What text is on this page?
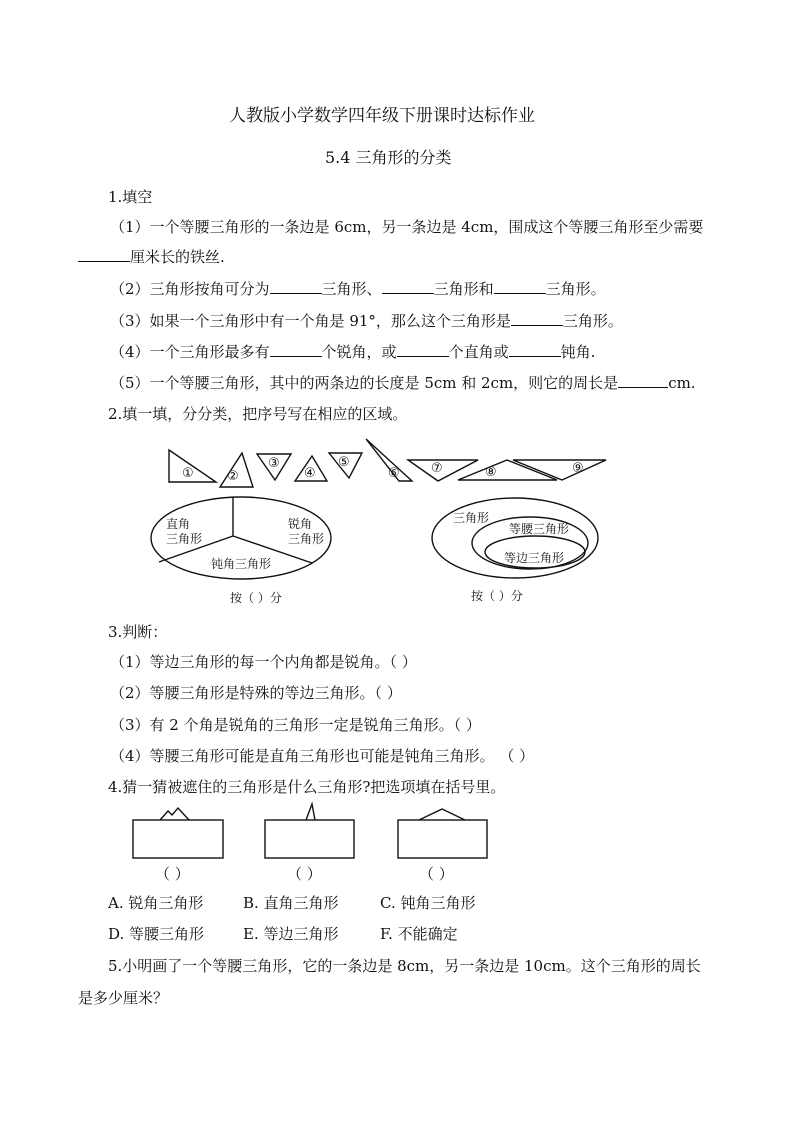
人教版小学数学四年级下册课时达标作业
5.4 三角形的分类
1.填空
（1）一个等腰三角形的一条边是 6cm，另一条边是 4cm，围成这个等腰三角形至少需要
厘米长的铁丝.
（2）三角形按角可分为	三角形、	三角形和	三角形。
（3）如果一个三角形中有一个角是 91°，那么这个三角形是	三角形。
（4）一个三角形最多有	个锐角，或	个直角或	钝角.
（5）一个等腰三角形，其中的两条边的长度是 5cm 和 2cm，则它的周长是	cm.
2.填一填，分分类，把序号写在相应的区域。
①	②
③
④
⑤
⑥ ⑦	⑧	⑨
直角
三角形
锐角
三角形
钝角三角形
按（ ）分
三角形
等腰三角形
等边三角形
按（ ）分
3.判断：
（1）等边三角形的每一个内角都是锐角。（ ）
（2）等腰三角形是特殊的等边三角形。（ ）
（3）有 2 个角是锐角的三角形一定是锐角三角形。（ ）
（4）等腰三角形可能是直角三角形也可能是钝角三角形。 （ ）
4.猜一猜被遮住的三角形是什么三角形?把选项填在括号里。
（ ）	（ ）	（ ）
A. 锐角三角形	B. 直角三角形	C. 钝角三角形
D. 等腰三角形	E. 等边三角形	F. 不能确定
5.小明画了一个等腰三角形，它的一条边是 8cm，另一条边是 10cm。这个三角形的周长
是多少厘米？
